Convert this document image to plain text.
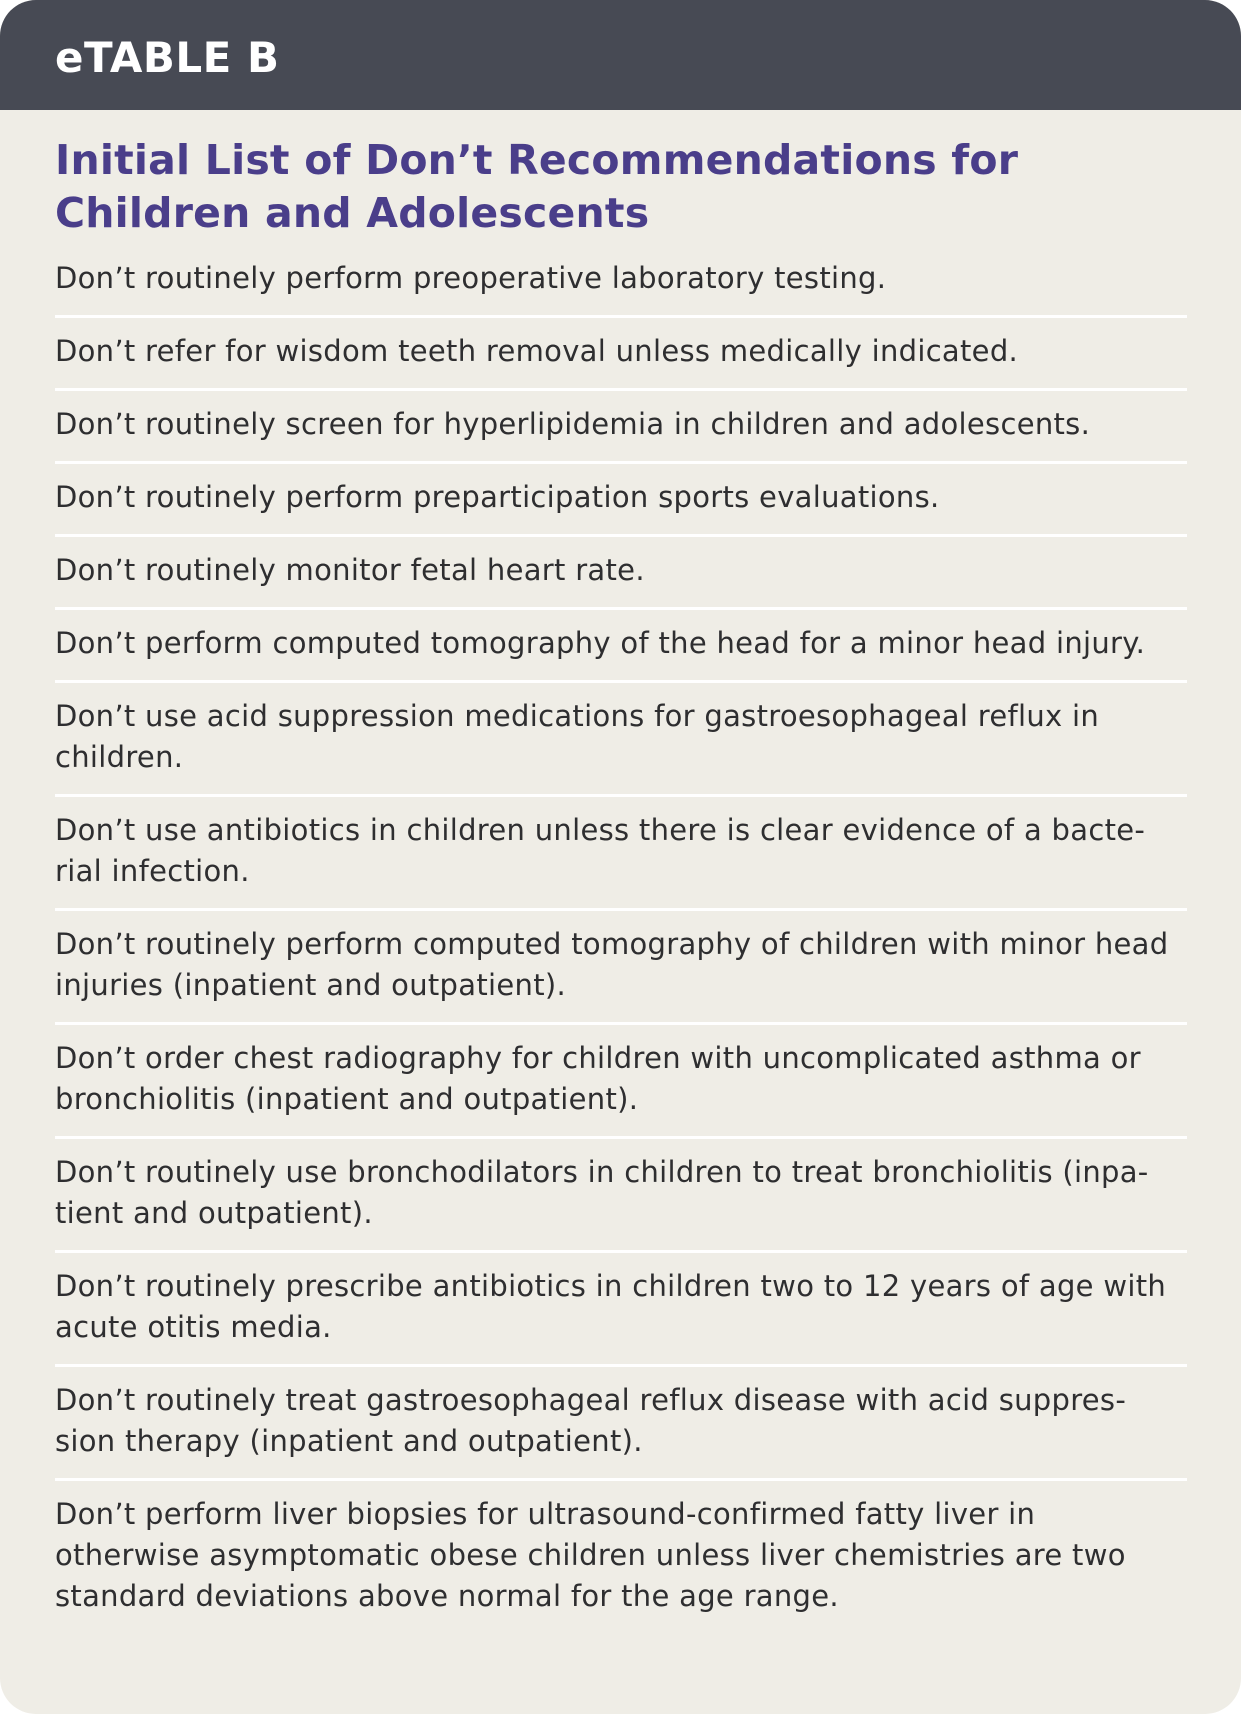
eTABLE B
Initial List of Don’t Recommendations for Children and Adolescents
Don’t routinely perform preoperative laboratory testing.
Don’t refer for wisdom teeth removal unless medically indicated.
Don’t routinely screen for hyperlipidemia in children and adolescents.
Don’t routinely perform preparticipation sports evaluations.
Don’t routinely monitor fetal heart rate.
Don’t perform computed tomography of the head for a minor head injury.
Don’t use acid suppression medications for gastroesophageal reflux in children.
Don’t use antibiotics in children unless there is clear evidence of a bacte-
rial infection.
Don’t routinely perform computed tomography of children with minor head injuries (inpatient and outpatient).
Don’t order chest radiography for children with uncomplicated asthma or bronchiolitis (inpatient and outpatient).
Don’t routinely use bronchodilators in children to treat bronchiolitis (inpa-
tient and outpatient).
Don’t routinely prescribe antibiotics in children two to 12 years of age with acute otitis media.
Don’t routinely treat gastroesophageal reflux disease with acid suppres-
sion therapy (inpatient and outpatient).
Don’t perform liver biopsies for ultrasound-confirmed fatty liver in otherwise asymptomatic obese children unless liver chemistries are two standard deviations above normal for the age range.
